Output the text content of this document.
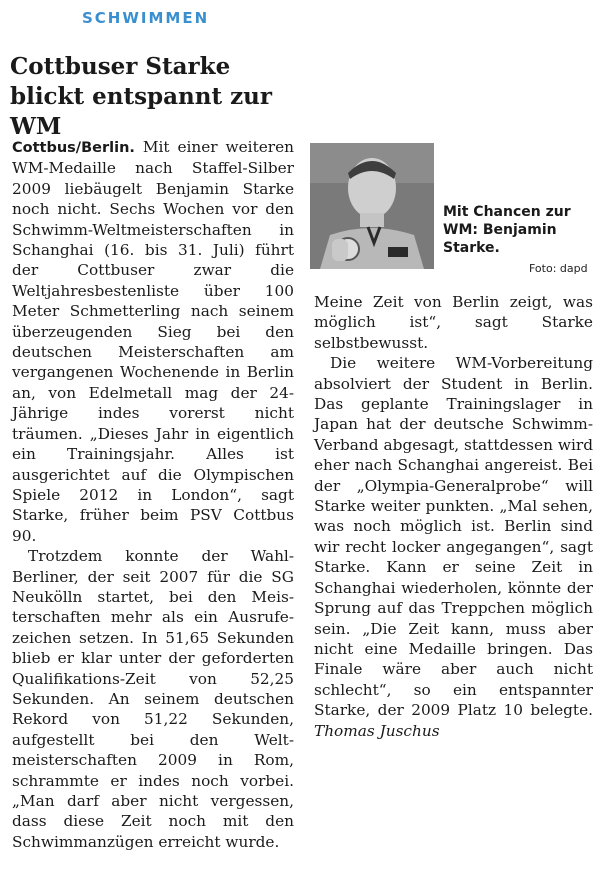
SCHWIMMEN
Cottbuser Starke blickt entspannt zur WM
Mit Chancen zur WM: Benjamin Starke.
Foto: dapd

Cottbus/Berlin. Mit einer weiteren WM-Medaille nach Staffel-Silber 2009 liebäugelt Benjamin Starke noch nicht. Sechs Wochen vor den Schwimm-Weltmeisterschaften in Schanghai (16. bis 31. Juli) führt der Cottbuser zwar die Weltjahresbestenliste über 100 Meter Schmetterling nach seinem überzeugenden Sieg bei den deutschen Meisterschaften am vergangenen Wochenende in Berlin an, von Edelmetall mag der 24-Jährige indes vorerst nicht träumen. „Dieses Jahr in eigentlich ein Trainingsjahr. Alles ist ausgerichtet auf die Olympischen Spiele 2012 in London“, sagt Starke, früher beim PSV Cottbus 90.

Trotzdem konnte der Wahl-Berliner, der seit 2007 für die SG Neukölln startet, bei den Meisterschaften mehr als ein Ausrufezeichen setzen. In 51,65 Sekunden blieb er klar unter der geforderten Qualifikations-Zeit von 52,25 Sekunden. An seinem deutschen Rekord von 51,22 Sekunden, aufgestellt bei den Weltmeisterschaften 2009 in Rom, schrammte er indes noch vorbei. „Man darf aber nicht vergessen, dass diese Zeit noch mit den Schwimmanzügen erreicht wurde.

Meine Zeit von Berlin zeigt, was möglich ist“, sagt Starke selbstbewusst.

Die weitere WM-Vorbereitung absolviert der Student in Berlin. Das geplante Trainingslager in Japan hat der deutsche Schwimm-Verband abgesagt, stattdessen wird eher nach Schanghai angereist. Bei der „Olympia-Generalprobe“ will Starke weiter punkten. „Mal sehen, was noch möglich ist. Berlin sind wir recht locker angegangen“, sagt Starke. Kann er seine Zeit in Schanghai wiederholen, könnte der Sprung auf das Treppchen möglich sein. „Die Zeit kann, muss aber nicht eine Medaille bringen. Das Finale wäre aber auch nicht schlecht“, so ein entspannter Starke, der 2009 Platz 10 belegte. Thomas Juschus
